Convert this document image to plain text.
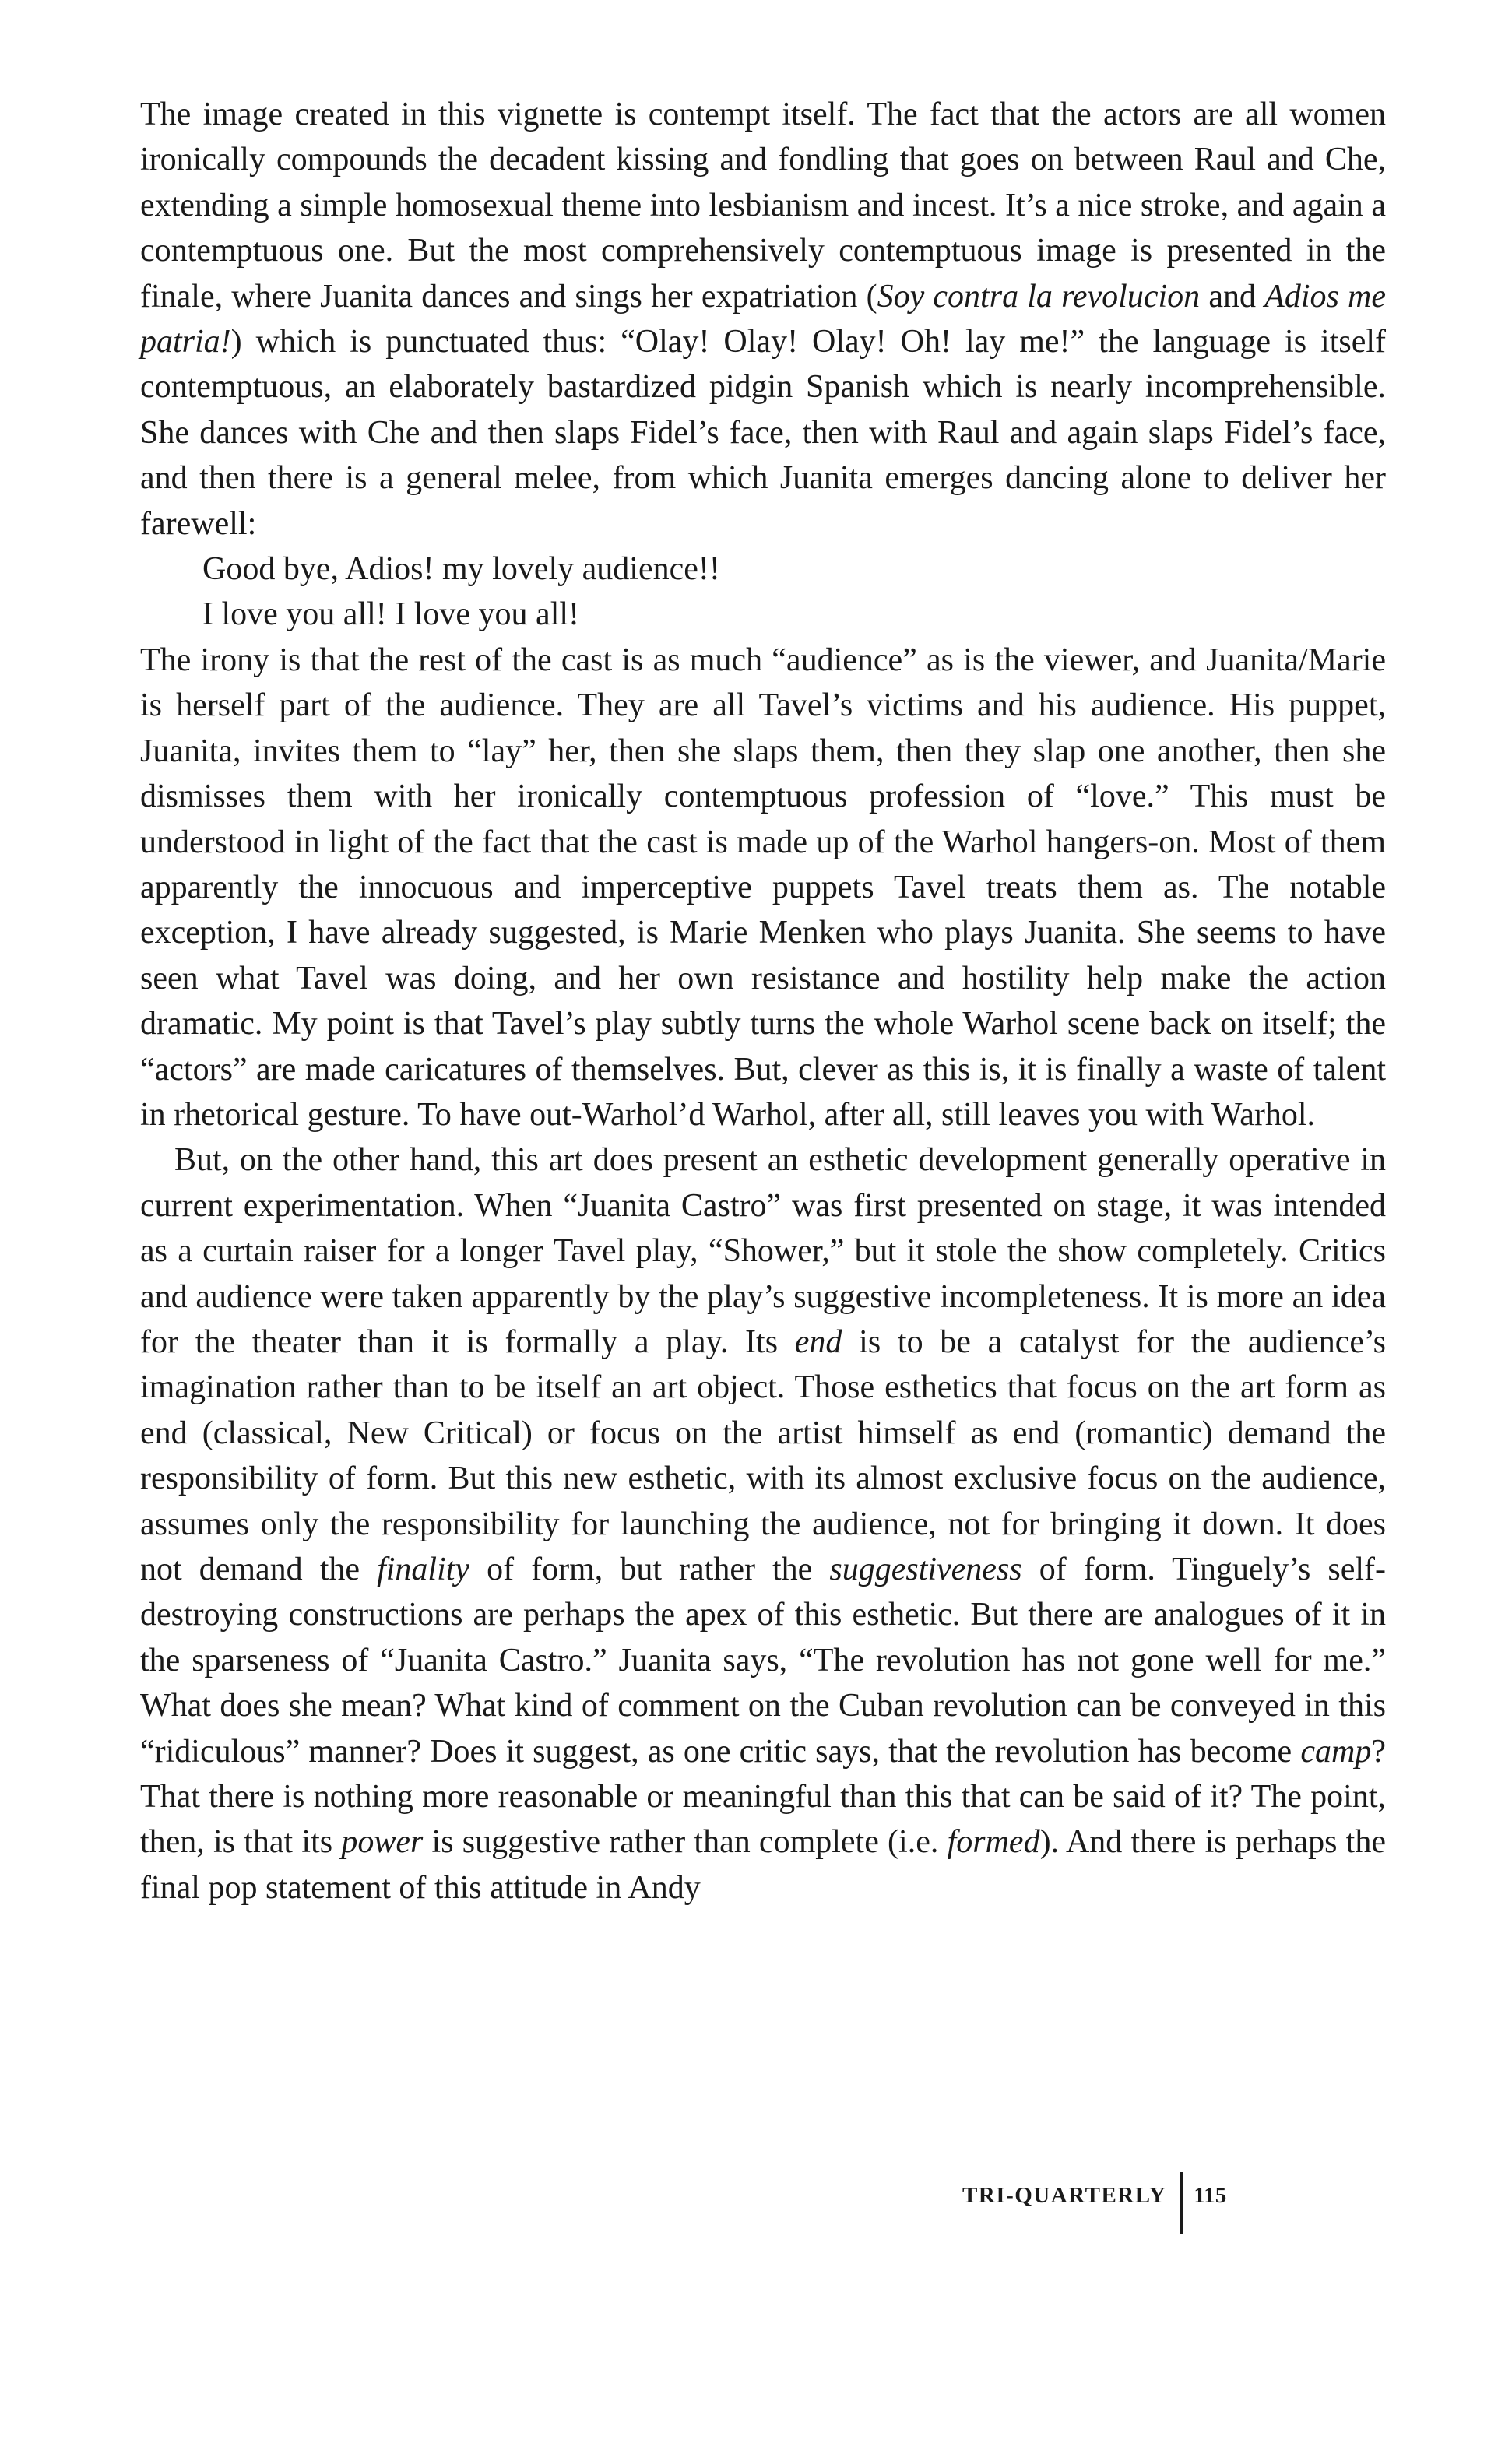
The image created in this vignette is contempt itself. The fact that the actors are all women ironically compounds the decadent kissing and fondling that goes on between Raul and Che, extending a simple homosexual theme into lesbianism and incest. It’s a nice stroke, and again a contemptuous one. But the most comprehensively contemptuous image is presented in the finale, where Juanita dances and sings her expatriation (Soy contra la revolucion and Adios me patria!) which is punctuated thus: “Olay! Olay! Olay! Oh! lay me!” the language is itself contemptuous, an elaborately bastardized pidgin Spanish which is nearly incomprehensible. She dances with Che and then slaps Fidel’s face, then with Raul and again slaps Fidel’s face, and then there is a general melee, from which Juanita emerges dancing alone to deliver her farewell:

Good bye, Adios! my lovely audience!!

I love you all! I love you all!

The irony is that the rest of the cast is as much “audience” as is the viewer, and Juanita/Marie is herself part of the audience. They are all Tavel’s victims and his audience. His puppet, Juanita, invites them to “lay” her, then she slaps them, then they slap one another, then she dismisses them with her ironically contemptuous profession of “love.” This must be understood in light of the fact that the cast is made up of the Warhol hangers-on. Most of them apparently the innocuous and imperceptive puppets Tavel treats them as. The notable exception, I have already suggested, is Marie Menken who plays Juanita. She seems to have seen what Tavel was doing, and her own resistance and hostility help make the action dramatic. My point is that Tavel’s play subtly turns the whole Warhol scene back on itself; the “actors” are made caricatures of themselves. But, clever as this is, it is finally a waste of talent in rhetorical gesture. To have out-Warhol’d Warhol, after all, still leaves you with Warhol.

But, on the other hand, this art does present an esthetic development generally operative in current experimentation. When “Juanita Castro” was first presented on stage, it was intended as a curtain raiser for a longer Tavel play, “Shower,” but it stole the show completely. Critics and audience were taken apparently by the play’s suggestive incompleteness. It is more an idea for the theater than it is formally a play. Its end is to be a catalyst for the audience’s imagination rather than to be itself an art object. Those esthetics that focus on the art form as end (classical, New Critical) or focus on the artist himself as end (romantic) demand the responsibility of form. But this new esthetic, with its almost exclusive focus on the audience, assumes only the responsibility for launching the audience, not for bringing it down. It does not demand the finality of form, but rather the suggestiveness of form. Tinguely’s self-destroying constructions are perhaps the apex of this esthetic. But there are analogues of it in the sparseness of “Juanita Castro.” Juanita says, “The revolution has not gone well for me.” What does she mean? What kind of comment on the Cuban revolution can be conveyed in this “ridiculous” manner? Does it suggest, as one critic says, that the revolution has become camp? That there is nothing more reasonable or meaningful than this that can be said of it? The point, then, is that its power is suggestive rather than complete (i.e. formed). And there is perhaps the final pop statement of this attitude in Andy

TRI-QUARTERLY	115
